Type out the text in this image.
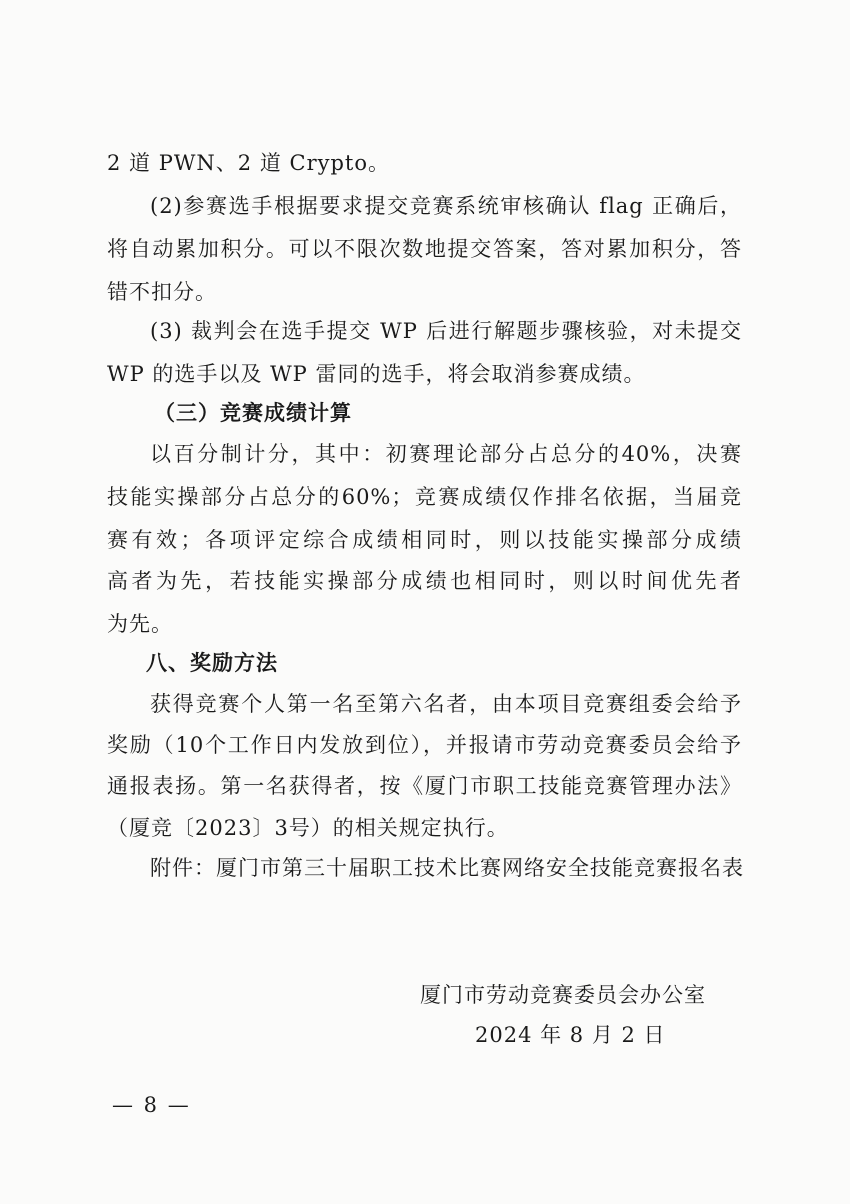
2 道 PWN、2 道 Crypto。
(2)参赛选手根据要求提交竞赛系统审核确认 flag 正确后，
将自动累加积分。可以不限次数地提交答案，答对累加积分，答
错不扣分。
(3) 裁判会在选手提交 WP 后进行解题步骤核验，对未提交
WP 的选手以及 WP 雷同的选手，将会取消参赛成绩。
（三）竞赛成绩计算
以百分制计分，其中：初赛理论部分占总分的40%，决赛
技能实操部分占总分的60%；竞赛成绩仅作排名依据，当届竞
赛有效；各项评定综合成绩相同时，则以技能实操部分成绩
高者为先，若技能实操部分成绩也相同时，则以时间优先者
为先。
八、奖励方法
获得竞赛个人第一名至第六名者，由本项目竞赛组委会给予
奖励（10个工作日内发放到位），并报请市劳动竞赛委员会给予
通报表扬。第一名获得者，按《厦门市职工技能竞赛管理办法》
（厦竞〔2023〕3号）的相关规定执行。
附件：厦门市第三十届职工技术比赛网络安全技能竞赛报名表
厦门市劳动竞赛委员会办公室
2024 年 8 月 2 日
— 8 —
